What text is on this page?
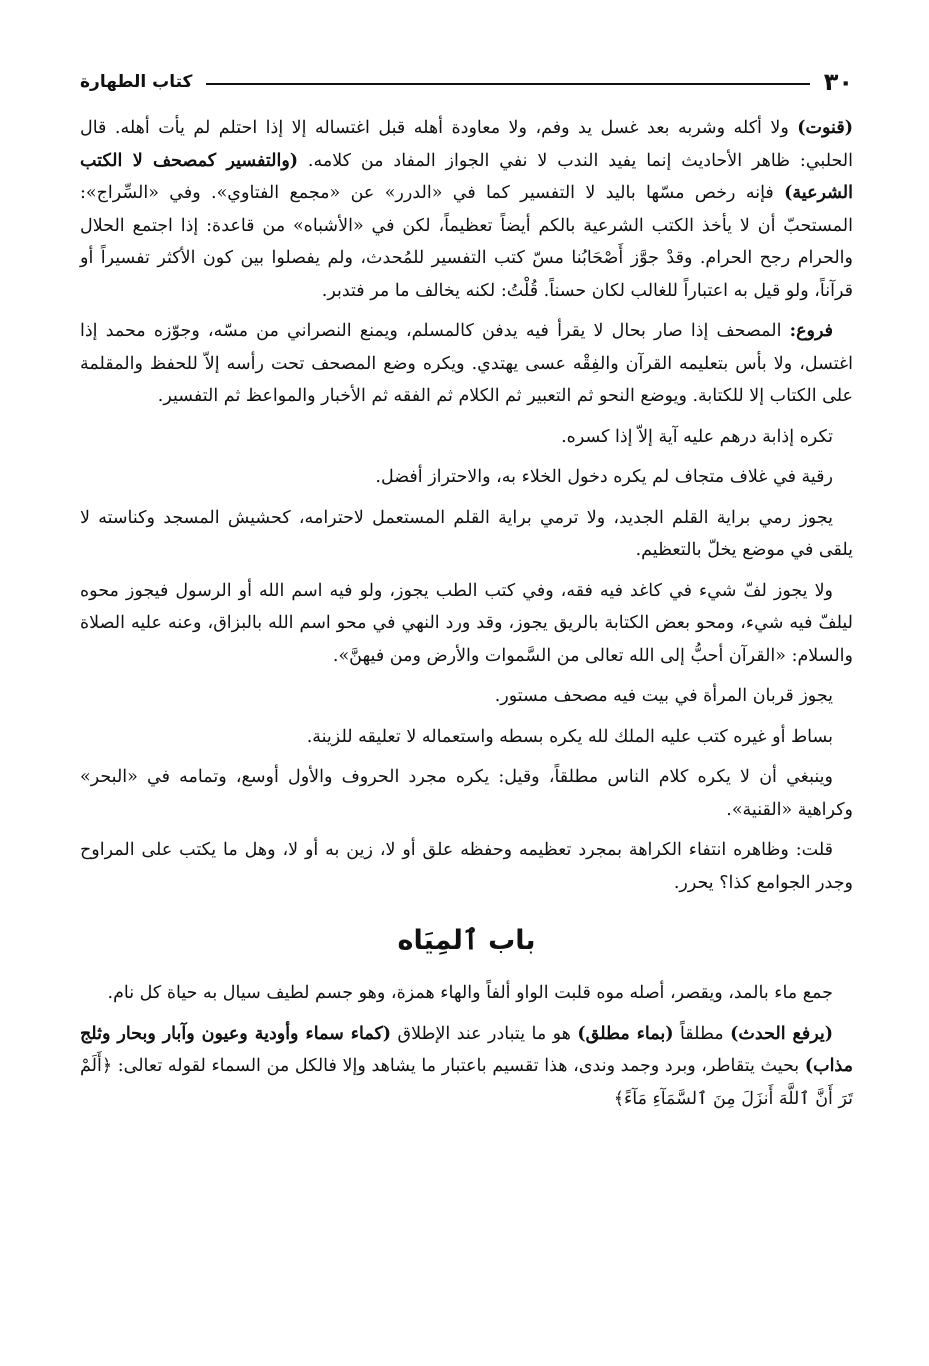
٣٠
كتاب الطهارة

(قنوت) ولا أكله وشربه بعد غسل يد وفم، ولا معاودة أهله قبل اغتساله إلا إذا احتلم لم يأت أهله. قال الحلبي: ظاهر الأحاديث إنما يفيد الندب لا نفي الجواز المفاد من كلامه. (والتفسير كمصحف لا الكتب الشرعية) فإنه رخص مسّها باليد لا التفسير كما في «الدرر» عن «مجمع الفتاوي». وفي «السِّراج»: المستحبّ أن لا يأخذ الكتب الشرعية بالكم أيضاً تعظيماً، لكن في «الأشباه» من قاعدة: إذا اجتمع الحلال والحرام رجح الحرام. وقدْ جوَّز أَصْحَابُنا مسّ كتب التفسير للمُحدث، ولم يفصلوا بين كون الأكثر تفسيراً أو قرآناً، ولو قيل به اعتباراً للغالب لكان حسناً. قُلْتُ: لكنه يخالف ما مر فتدبر.

فروع: المصحف إذا صار بحال لا يقرأ فيه يدفن كالمسلم، ويمنع النصراني من مسّه، وجوّزه محمد إذا اغتسل، ولا بأس بتعليمه القرآن والفِقْه عسى يهتدي. ويكره وضع المصحف تحت رأسه إلاّ للحفظ والمقلمة على الكتاب إلا للكتابة. ويوضع النحو ثم التعبير ثم الكلام ثم الفقه ثم الأخبار والمواعظ ثم التفسير.

تكره إذابة درهم عليه آية إلاّ إذا كسره.

رقية في غلاف متجاف لم يكره دخول الخلاء به، والاحتراز أفضل.

يجوز رمي براية القلم الجديد، ولا ترمي براية القلم المستعمل لاحترامه، كحشيش المسجد وكناسته لا يلقى في موضع يخلّ بالتعظيم.

ولا يجوز لفّ شيء في كاغد فيه فقه، وفي كتب الطب يجوز، ولو فيه اسم الله أو الرسول فيجوز محوه ليلفّ فيه شيء، ومحو بعض الكتابة بالريق يجوز، وقد ورد النهي في محو اسم الله بالبزاق، وعنه عليه الصلاة والسلام: «القرآن أحبُّ إلى الله تعالى من السَّموات والأرض ومن فيهنَّ».

يجوز قربان المرأة في بيت فيه مصحف مستور.

بساط أو غيره كتب عليه الملك لله يكره بسطه واستعماله لا تعليقه للزينة.

وينبغي أن لا يكره كلام الناس مطلقاً، وقيل: يكره مجرد الحروف والأول أوسع، وتمامه في «البحر» وكراهية «القنية».

قلت: وظاهره انتفاء الكراهة بمجرد تعظيمه وحفظه علق أو لا، زين به أو لا، وهل ما يكتب على المراوح وجدر الجوامع كذا؟ يحرر.

باب ٱلمِيَاه

جمع ماء بالمد، ويقصر، أصله موه قلبت الواو ألفاً والهاء همزة، وهو جسم لطيف سيال به حياة كل نام.

(يرفع الحدث) مطلقاً (بماء مطلق) هو ما يتبادر عند الإطلاق (كماء سماء وأودية وعيون وآبار وبحار وثلج مذاب) بحيث يتقاطر، وبرد وجمد وندى، هذا تقسيم باعتبار ما يشاهد وإلا فالكل من السماء لقوله تعالى: ﴿أَلَمْ تَرَ أَنَّ ٱللَّهَ أَنزَلَ مِنَ ٱلسَّمَآءِ مَآءً﴾
